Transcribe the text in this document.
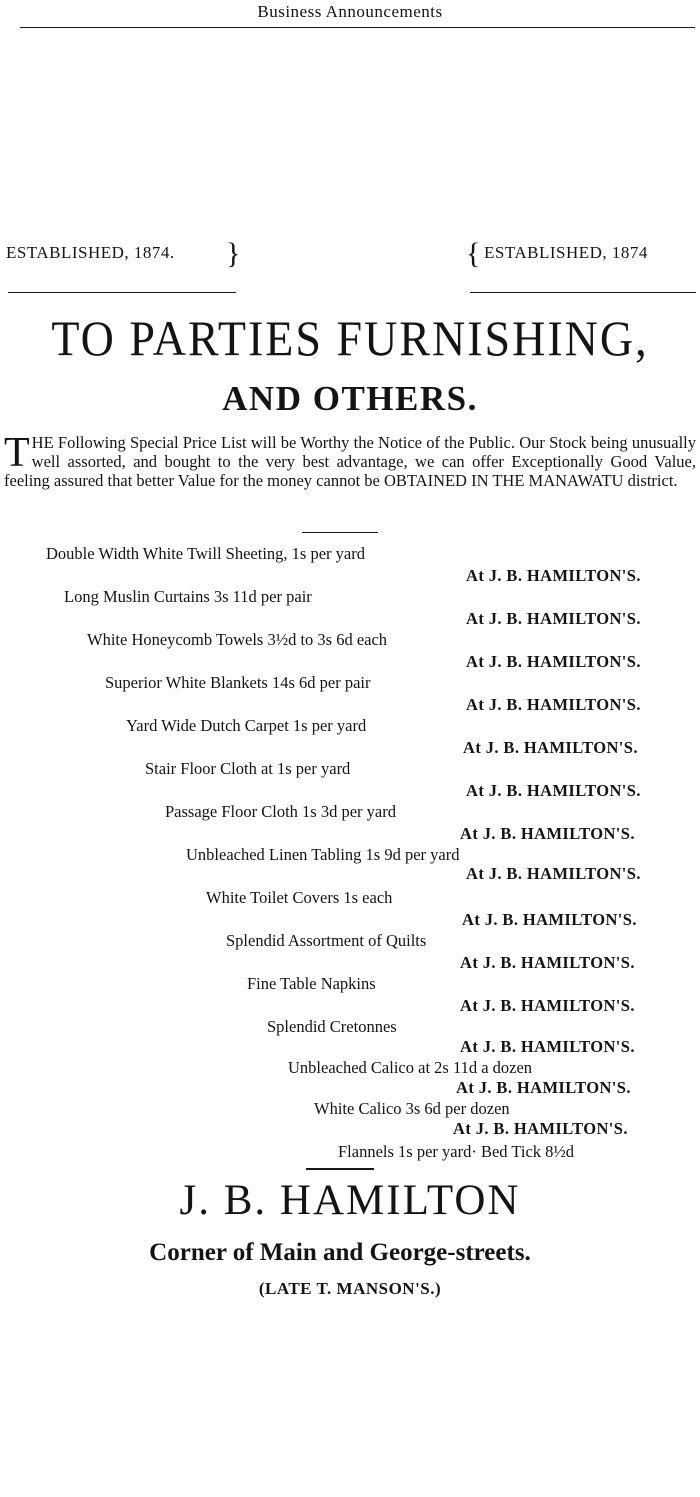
Business Announcements
ESTABLISHED, 1874. }	{ ESTABLISHED, 1874
TO PARTIES FURNISHING,
AND OTHERS.
T HE Following Special Price List will be Worthy the Notice of the Public. Our Stock being unusually well assorted, and bought to the very best advantage, we can offer Exceptionally Good Value, feeling assured that better Value for the money cannot be OBTAINED IN THE MANAWATU district.

Double Width White Twill Sheeting, 1s per yard
At J. B. HAMILTON'S.
Long Muslin Curtains 3s 11d per pair
At J. B. HAMILTON'S.
White Honeycomb Towels 3½d to 3s 6d each
At J. B. HAMILTON'S.
Superior White Blankets 14s 6d per pair
At J. B. HAMILTON'S.
Yard Wide Dutch Carpet 1s per yard
At J. B. HAMILTON'S.
Stair Floor Cloth at 1s per yard
At J. B. HAMILTON'S.
Passage Floor Cloth 1s 3d per yard
At J. B. HAMILTON'S.
Unbleached Linen Tabling 1s 9d per yard
At J. B. HAMILTON'S.
White Toilet Covers 1s each
At J. B. HAMILTON'S.
Splendid Assortment of Quilts
At J. B. HAMILTON'S.
Fine Table Napkins
At J. B. HAMILTON'S.
Splendid Cretonnes
At J. B. HAMILTON'S.
Unbleached Calico at 2s 11d a dozen
At J. B. HAMILTON'S.
White Calico 3s 6d per dozen
At J. B. HAMILTON'S.
Flannels 1s per yard· Bed Tick 8½d
J. B. HAMILTON
Corner of Main and George-streets.
(LATE T. MANSON'S.)
